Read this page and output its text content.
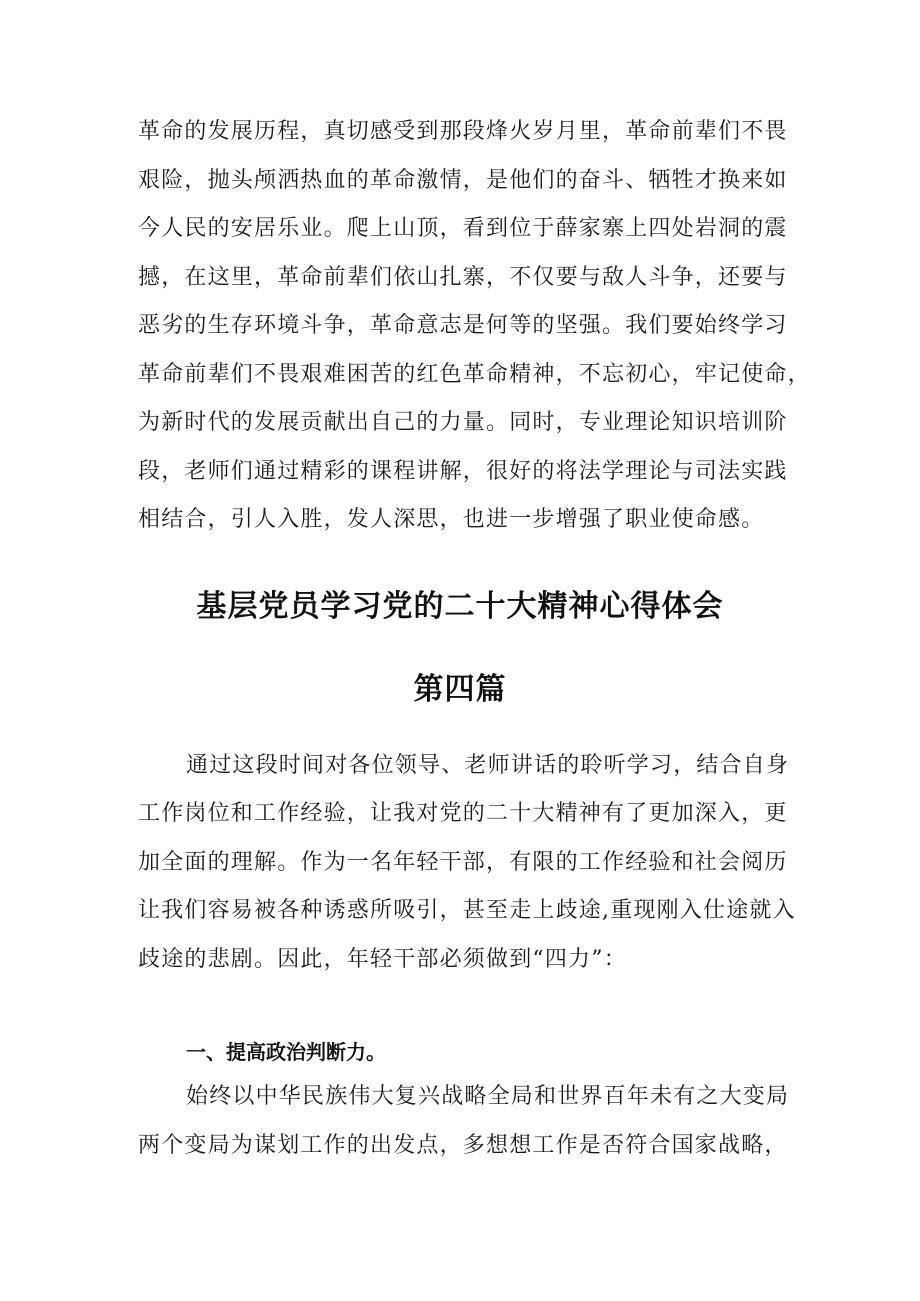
革命的发展历程，真切感受到那段烽火岁月里，革命前辈们不畏
艰险，抛头颅洒热血的革命激情，是他们的奋斗、牺牲才换来如
今人民的安居乐业。爬上山顶，看到位于薛家寨上四处岩洞的震
撼，在这里，革命前辈们依山扎寨，不仅要与敌人斗争，还要与
恶劣的生存环境斗争，革命意志是何等的坚强。我们要始终学习
革命前辈们不畏艰难困苦的红色革命精神，不忘初心，牢记使命，
为新时代的发展贡献出自己的力量。同时，专业理论知识培训阶
段，老师们通过精彩的课程讲解，很好的将法学理论与司法实践
相结合，引人入胜，发人深思，也进一步增强了职业使命感。
基层党员学习党的二十大精神心得体会
第四篇
通过这段时间对各位领导、老师讲话的聆听学习，结合自身
工作岗位和工作经验，让我对党的二十大精神有了更加深入，更
加全面的理解。作为一名年轻干部，有限的工作经验和社会阅历
让我们容易被各种诱惑所吸引，甚至走上歧途,重现刚入仕途就入
歧途的悲剧。因此，年轻干部必须做到“四力”：
一、提高政治判断力。
始终以中华民族伟大复兴战略全局和世界百年未有之大变局
两个变局为谋划工作的出发点，多想想工作是否符合国家战略，
